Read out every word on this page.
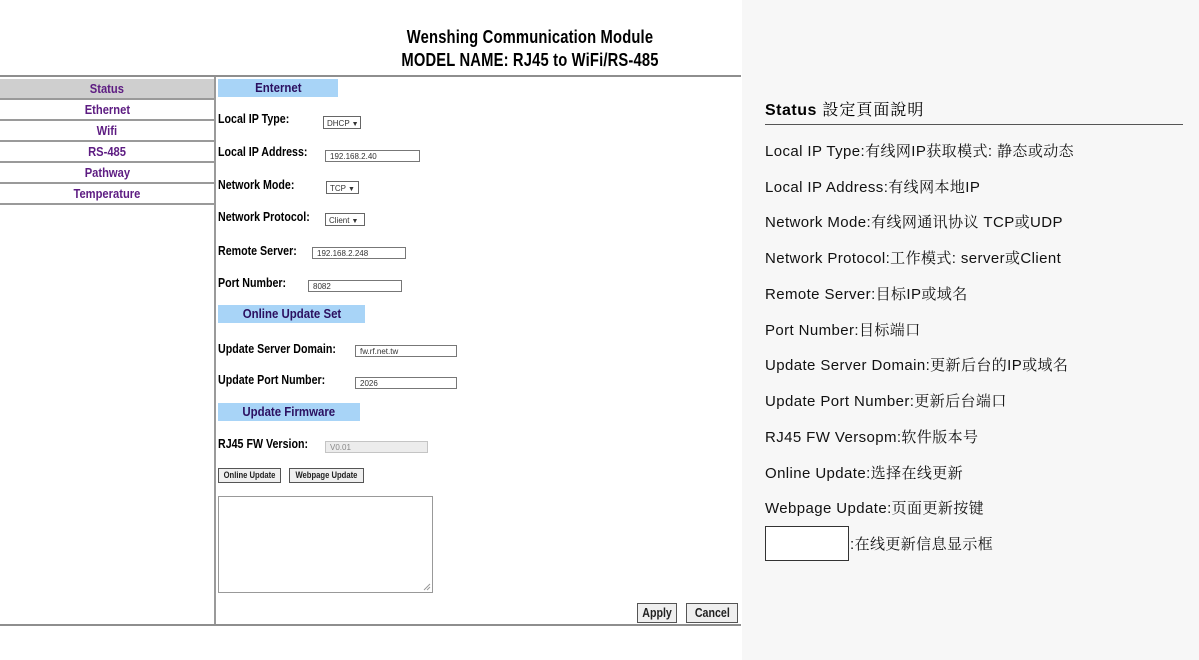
Wenshing Communication Module
MODEL NAME: RJ45 to WiFi/RS-485
Status
Ethernet
Wifi
RS-485
Pathway
Temperature
Enternet
Local IP Type:	DHCP ▼
Local IP Address:	192.168.2.40
Network Mode:	TCP ▼
Network Protocol:	Client ▼
Remote Server:	192.168.2.248
Port Number:	8082
Online Update Set
Update Server Domain:	fw.rf.net.tw
Update Port Number:	2026
Update Firmware
RJ45 FW Version:	V0.01
Online Update	Webpage Update
Apply	Cancel
Status 設定頁面說明
Local IP Type:有线网IP获取模式: 静态或动态
Local IP Address:有线网本地IP
Network Mode:有线网通讯协议 TCP或UDP
Network Protocol:工作模式: server或Client
Remote Server:目标IP或域名
Port Number:目标端口
Update Server Domain:更新后台的IP或域名
Update Port Number:更新后台端口
RJ45 FW Versopm:软件版本号
Online Update:选择在线更新
Webpage Update:页面更新按键
:在线更新信息显示框
